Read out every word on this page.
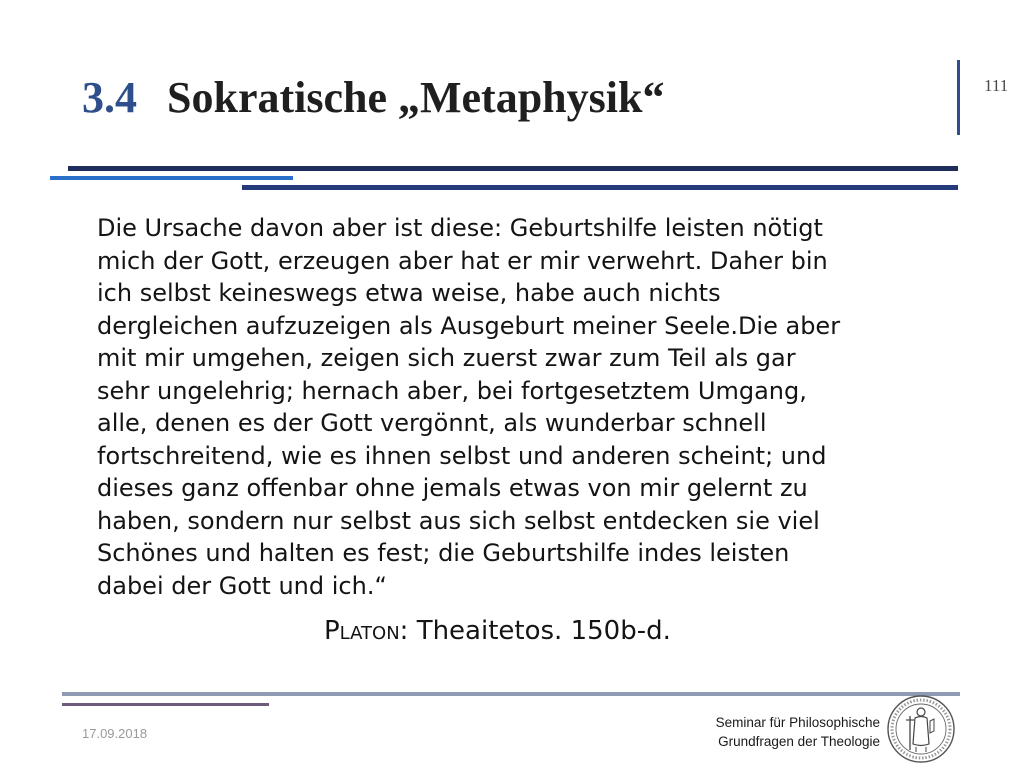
3.4 Sokratische „Metaphysik“	111
Die Ursache davon aber ist diese: Geburtshilfe leisten nötigt
mich der Gott, erzeugen aber hat er mir verwehrt. Daher bin
ich selbst keineswegs etwa weise, habe auch nichts
dergleichen aufzuzeigen als Ausgeburt meiner Seele.Die aber
mit mir umgehen, zeigen sich zuerst zwar zum Teil als gar
sehr ungelehrig; hernach aber, bei fortgesetztem Umgang,
alle, denen es der Gott vergönnt, als wunderbar schnell
fortschreitend, wie es ihnen selbst und anderen scheint; und
dieses ganz offenbar ohne jemals etwas von mir gelernt zu
haben, sondern nur selbst aus sich selbst entdecken sie viel
Schönes und halten es fest; die Geburtshilfe indes leisten
dabei der Gott und ich.“
Platon: Theaitetos. 150b-d.
17.09.2018
Seminar für Philosophische
Grundfragen der Theologie
